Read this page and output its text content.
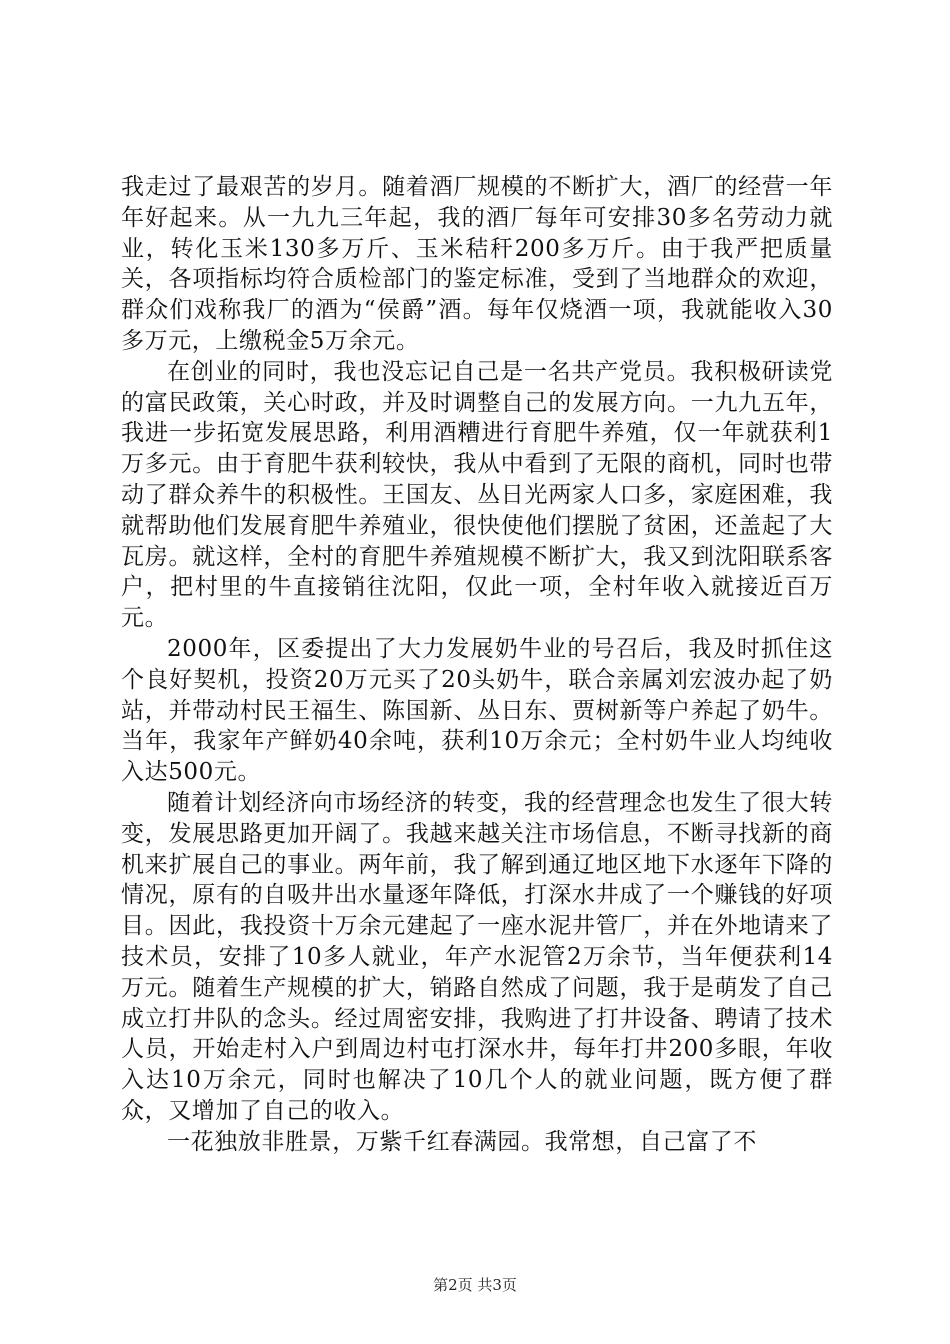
我走过了最艰苦的岁月。随着酒厂规模的不断扩大，酒厂的经营一年年好起来。从一九九三年起，我的酒厂每年可安排30多名劳动力就业，转化玉米130多万斤、玉米秸秆200多万斤。由于我严把质量关，各项指标均符合质检部门的鉴定标准，受到了当地群众的欢迎，群众们戏称我厂的酒为“侯爵”酒。每年仅烧酒一项，我就能收入30多万元，上缴税金5万余元。

在创业的同时，我也没忘记自己是一名共产党员。我积极研读党的富民政策，关心时政，并及时调整自己的发展方向。一九九五年，我进一步拓宽发展思路，利用酒糟进行育肥牛养殖，仅一年就获利1万多元。由于育肥牛获利较快，我从中看到了无限的商机，同时也带动了群众养牛的积极性。王国友、丛日光两家人口多，家庭困难，我就帮助他们发展育肥牛养殖业，很快使他们摆脱了贫困，还盖起了大瓦房。就这样，全村的育肥牛养殖规模不断扩大，我又到沈阳联系客户，把村里的牛直接销往沈阳，仅此一项，全村年收入就接近百万元。

2000年，区委提出了大力发展奶牛业的号召后，我及时抓住这个良好契机，投资20万元买了20头奶牛，联合亲属刘宏波办起了奶站，并带动村民王福生、陈国新、丛日东、贾树新等户养起了奶牛。当年，我家年产鲜奶40余吨，获利10万余元；全村奶牛业人均纯收入达500元。

随着计划经济向市场经济的转变，我的经营理念也发生了很大转变，发展思路更加开阔了。我越来越关注市场信息，不断寻找新的商机来扩展自己的事业。两年前，我了解到通辽地区地下水逐年下降的情况，原有的自吸井出水量逐年降低，打深水井成了一个赚钱的好项目。因此，我投资十万余元建起了一座水泥井管厂，并在外地请来了技术员，安排了10多人就业，年产水泥管2万余节，当年便获利14万元。随着生产规模的扩大，销路自然成了问题，我于是萌发了自己成立打井队的念头。经过周密安排，我购进了打井设备、聘请了技术人员，开始走村入户到周边村屯打深水井，每年打井200多眼，年收入达10万余元，同时也解决了10几个人的就业问题，既方便了群众，又增加了自己的收入。

一花独放非胜景，万紫千红春满园。我常想，自己富了不

第2页 共3页
